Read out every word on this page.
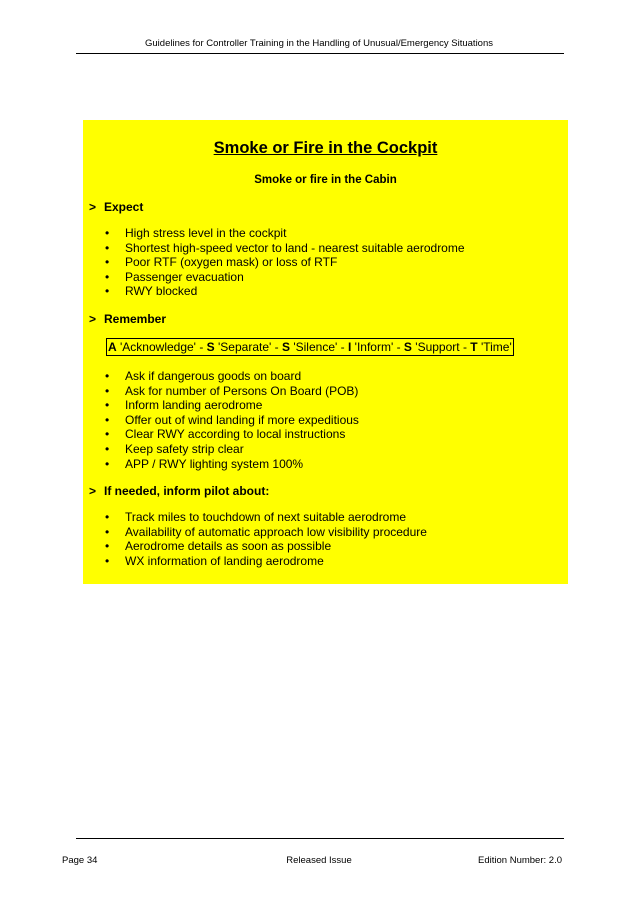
Guidelines for Controller Training in the Handling of Unusual/Emergency Situations
Smoke or Fire in the Cockpit
Smoke or fire in the Cabin
> Expect
• High stress level in the cockpit
• Shortest high-speed vector to land - nearest suitable aerodrome
• Poor RTF (oxygen mask) or loss of RTF
• Passenger evacuation
• RWY blocked
> Remember
A 'Acknowledge' - S 'Separate' - S 'Silence' - I 'Inform' - S 'Support - T 'Time'
• Ask if dangerous goods on board
• Ask for number of Persons On Board (POB)
• Inform landing aerodrome
• Offer out of wind landing if more expeditious
• Clear RWY according to local instructions
• Keep safety strip clear
• APP / RWY lighting system 100%
> If needed, inform pilot about:
• Track miles to touchdown of next suitable aerodrome
• Availability of automatic approach low visibility procedure
• Aerodrome details as soon as possible
• WX information of landing aerodrome
Page 34	Released Issue	Edition Number: 2.0
